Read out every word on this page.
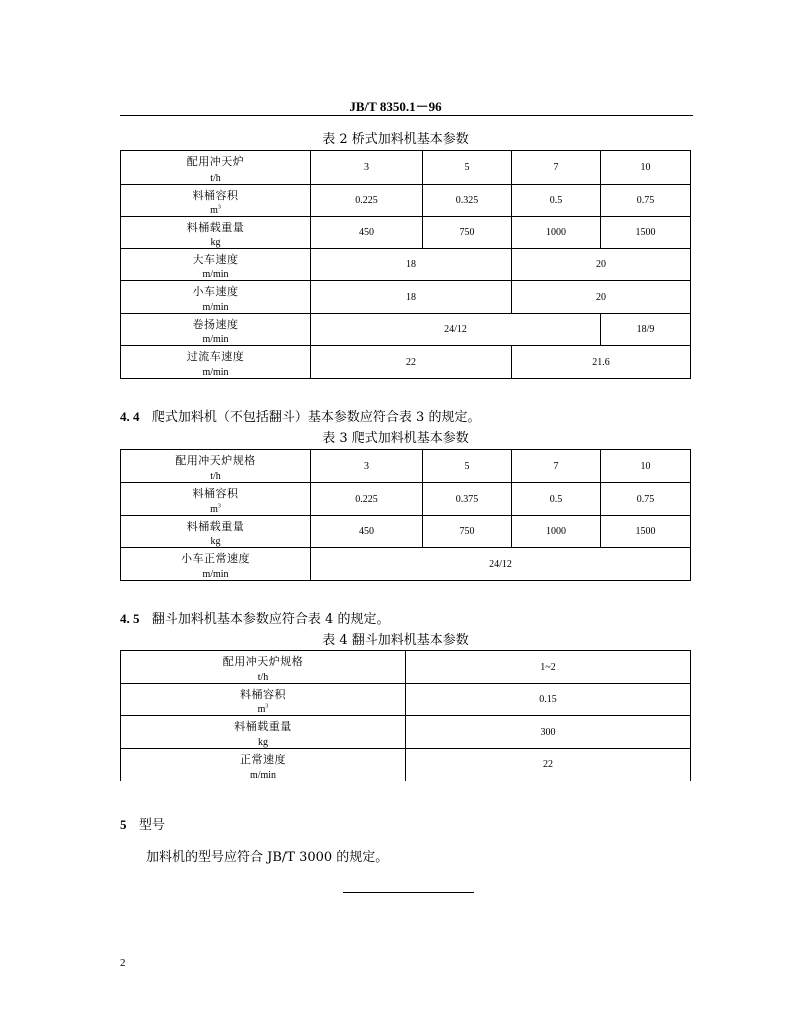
JB/T 8350.1－96
表 2 桥式加料机基本参数
配用冲天炉
t/h	3	5	7	10

料桶容积
$m^3$	0.225	0.325	0.5	0.75

料桶载重量
kg	450	750	1000	1500

大车速度
m/min	18		20	

小车速度
m/min	18		20	

卷扬速度
m/min	24/12			18/9

过流车速度
m/min	22		21.6	
4. 4 爬式加料机（不包括翻斗）基本参数应符合表 3 的规定。
表 3 爬式加料机基本参数
配用冲天炉规格
t/h	3	5	7	10

料桶容积
$m^3$	0.225	0.375	0.5	0.75

料桶载重量
kg	450	750	1000	1500

小车正常速度
m/min	24/12			
4. 5 翻斗加料机基本参数应符合表 4 的规定。
表 4 翻斗加料机基本参数
配用冲天炉规格
t/h	1~2

料桶容积
$m^3$	0.15

料桶载重量
kg	300

正常速度
m/min	22
5 型号
加料机的型号应符合 JB/T 3000 的规定。
2
